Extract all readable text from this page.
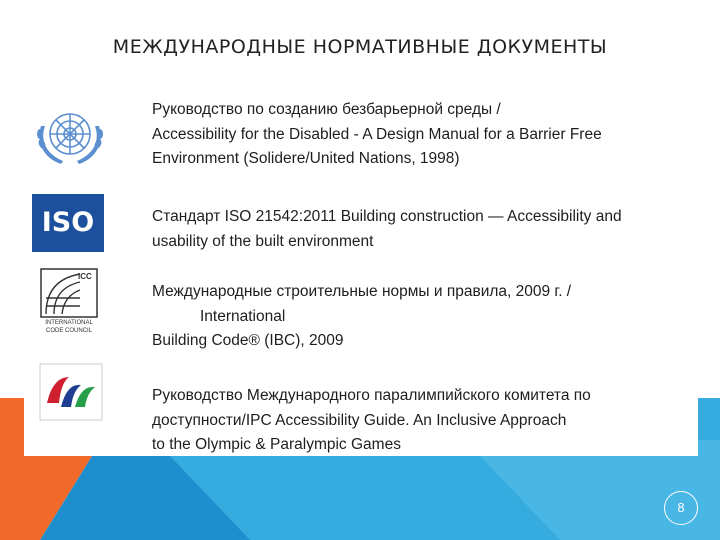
МЕЖДУНАРОДНЫЕ НОРМАТИВНЫЕ ДОКУМЕНТЫ
ISO
ICC
INTERNATIONAL
CODE COUNCIL
Руководство по созданию безбарьерной среды /
Accessibility for the Disabled - A Design Manual for a Barrier Free
Environment (Solidere/United Nations, 1998)
Стандарт ISO 21542:2011 Building construction — Accessibility and
usability of the built environment
Международные строительные нормы и правила, 2009 г. /
International
Building Code® (IBC), 2009
Руководство Международного паралимпийского комитета по
доступности/IPC Accessibility Guide. An Inclusive Approach
to the Olympic & Paralympic Games
8
